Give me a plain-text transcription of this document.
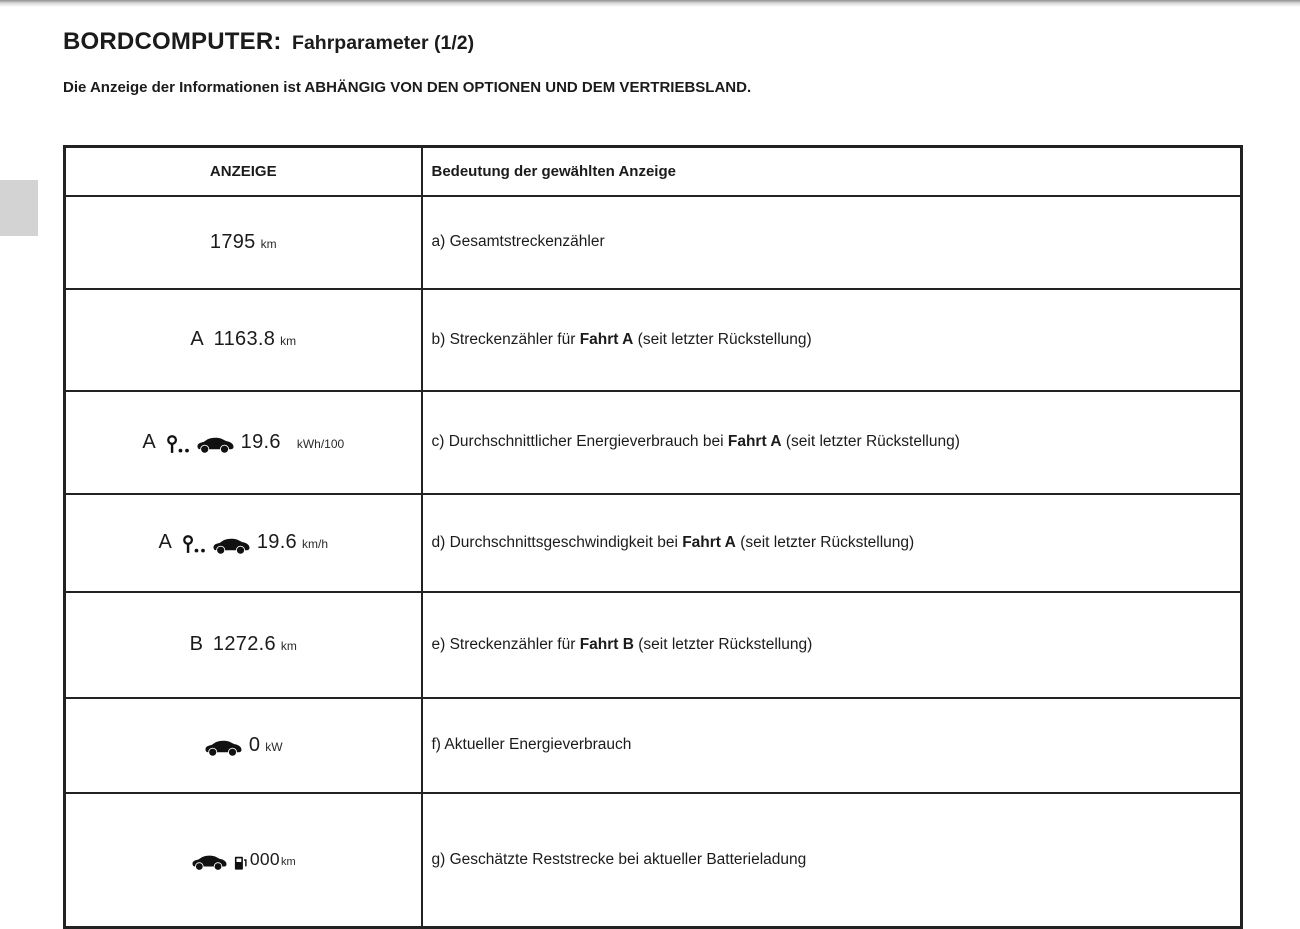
BORDCOMPUTER: Fahrparameter (1/2)
Die Anzeige der Informationen ist ABHÄNGIG VON DEN OPTIONEN UND DEM VERTRIEBSLAND.
ANZEIGE	Bedeutung der gewählten Anzeige

1795 km	a) Gesamtstreckenzähler

A 1163.8 km	b) Streckenzähler für Fahrt A (seit letzter Rückstellung)

A 19.6 kWh/100	c) Durchschnittlicher Energieverbrauch bei Fahrt A (seit letzter Rückstellung)

A 19.6 km/h	d) Durchschnittsgeschwindigkeit bei Fahrt A (seit letzter Rückstellung)

B 1272.6 km	e) Streckenzähler für Fahrt B (seit letzter Rückstellung)

0 kW	f) Aktueller Energieverbrauch

000 km	g) Geschätzte Reststrecke bei aktueller Batterieladung
